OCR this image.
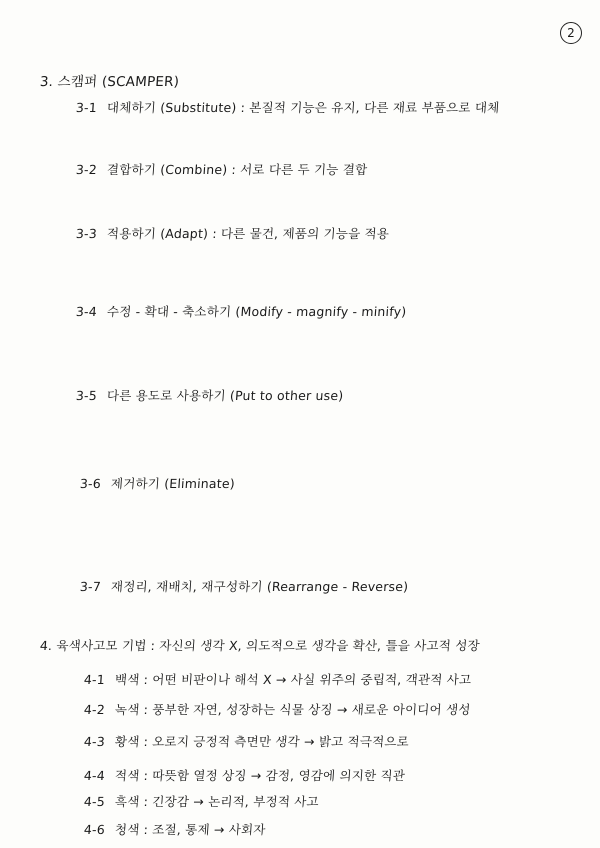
2
3. 스캠퍼 (SCAMPER)
3-1 대체하기 (Substitute) : 본질적 기능은 유지, 다른 재료 부품으로 대체
3-2 결합하기 (Combine) : 서로 다른 두 기능 결합
3-3 적용하기 (Adapt) : 다른 물건, 제품의 기능을 적용
3-4 수정 - 확대 - 축소하기 (Modify - magnify - minify)
3-5 다른 용도로 사용하기 (Put to other use)
3-6 제거하기 (Eliminate)
3-7 재정리, 재배치, 재구성하기 (Rearrange - Reverse)
4. 육색사고모 기법 : 자신의 생각 X, 의도적으로 생각을 확산, 틀을 사고적 성장
4-1 백색 : 어떤 비판이나 해석 X → 사실 위주의 중립적, 객관적 사고
4-2 녹색 : 풍부한 자연, 성장하는 식물 상징 → 새로운 아이디어 생성
4-3 황색 : 오로지 긍정적 측면만 생각 → 밝고 적극적으로
4-4 적색 : 따뜻함 열정 상징 → 감정, 영감에 의지한 직관
4-5 흑색 : 긴장감 → 논리적, 부정적 사고
4-6 청색 : 조절, 통제 → 사회자
